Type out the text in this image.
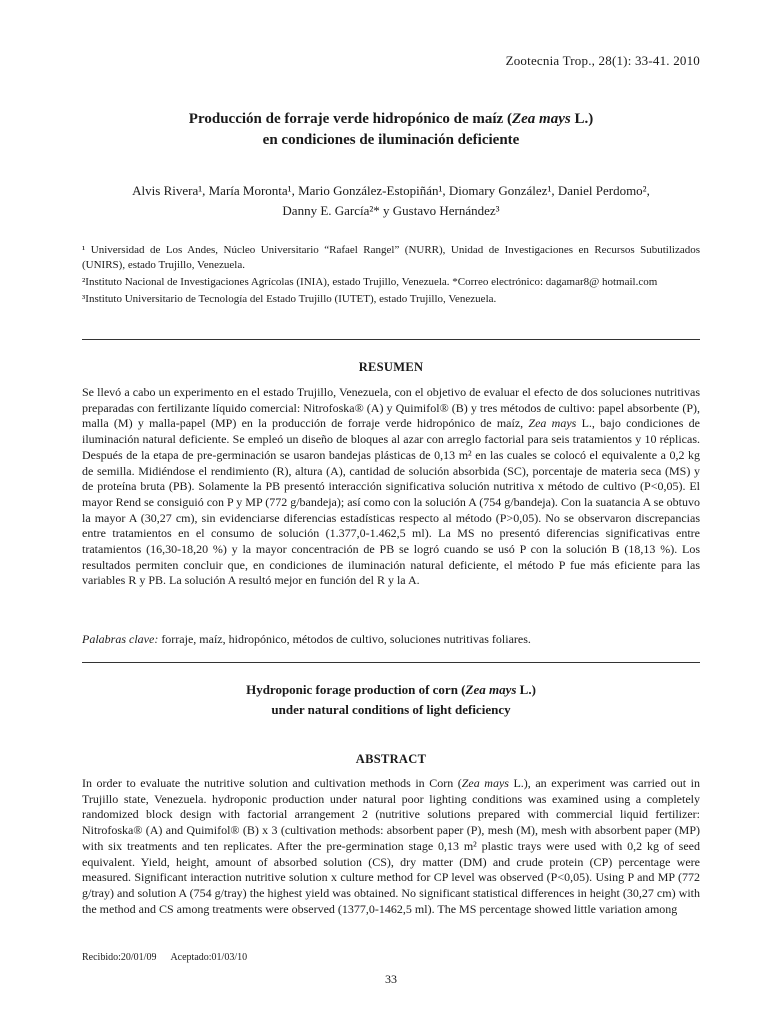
Zootecnia Trop., 28(1): 33-41. 2010
Producción de forraje verde hidropónico de maíz (Zea mays L.)
en condiciones de iluminación deficiente
Alvis Rivera¹, María Moronta¹, Mario González-Estopiñán¹, Diomary González¹, Daniel Perdomo²,
Danny E. García²* y Gustavo Hernández³

¹ Universidad de Los Andes, Núcleo Universitario “Rafael Rangel” (NURR), Unidad de Investigaciones en Recursos Subutilizados (UNIRS), estado Trujillo, Venezuela.

²Instituto Nacional de Investigaciones Agrícolas (INIA), estado Trujillo, Venezuela. *Correo electrónico: dagamar8@ hotmail.com

³Instituto Universitario de Tecnología del Estado Trujillo (IUTET), estado Trujillo, Venezuela.

RESUMEN

Se llevó a cabo un experimento en el estado Trujillo, Venezuela, con el objetivo de evaluar el efecto de dos soluciones nutritivas preparadas con fertilizante líquido comercial: Nitrofoska® (A) y Quimifol® (B) y tres métodos de cultivo: papel absorbente (P), malla (M) y malla-papel (MP) en la producción de forraje verde hidropónico de maíz, Zea mays L., bajo condiciones de iluminación natural deficiente. Se empleó un diseño de bloques al azar con arreglo factorial para seis tratamientos y 10 réplicas. Después de la etapa de pre-germinación se usaron bandejas plásticas de 0,13 m² en las cuales se colocó el equivalente a 0,2 kg de semilla. Midiéndose el rendimiento (R), altura (A), cantidad de solución absorbida (SC), porcentaje de materia seca (MS) y de proteína bruta (PB). Solamente la PB presentó interacción significativa solución nutritiva x método de cultivo (P<0,05). El mayor Rend se consiguió con P y MP (772 g/bandeja); así como con la solución A (754 g/bandeja). Con la suatancia A se obtuvo la mayor A (30,27 cm), sin evidenciarse diferencias estadísticas respecto al método (P>0,05). No se observaron discrepancias entre tratamientos en el consumo de solución (1.377,0-1.462,5 ml). La MS no presentó diferencias significativas entre tratamientos (16,30-18,20 %) y la mayor concentración de PB se logró cuando se usó P con la solución B (18,13 %). Los resultados permiten concluir que, en condiciones de iluminación natural deficiente, el método P fue más eficiente para las variables R y PB. La solución A resultó mejor en función del R y la A.

Palabras clave: forraje, maíz, hidropónico, métodos de cultivo, soluciones nutritivas foliares.
Hydroponic forage production of corn (Zea mays L.)
under natural conditions of light deficiency
ABSTRACT

In order to evaluate the nutritive solution and cultivation methods in Corn (Zea mays L.), an experiment was carried out in Trujillo state, Venezuela. hydroponic production under natural poor lighting conditions was examined using a completely randomized block design with factorial arrangement 2 (nutritive solutions prepared with commercial liquid fertilizer: Nitrofoska® (A) and Quimifol® (B) x 3 (cultivation methods: absorbent paper (P), mesh (M), mesh with absorbent paper (MP) with six treatments and ten replicates. After the pre-germination stage 0,13 m² plastic trays were used with 0,2 kg of seed equivalent. Yield, height, amount of absorbed solution (CS), dry matter (DM) and crude protein (CP) percentage were measured. Significant interaction nutritive solution x culture method for CP level was observed (P<0,05). Using P and MP (772 g/tray) and solution A (754 g/tray) the highest yield was obtained. No significant statistical differences in height (30,27 cm) with the method and CS among treatments were observed (1377,0-1462,5 ml). The MS percentage showed little variation among

Recibido:20/01/09 Aceptado:01/03/10
33
